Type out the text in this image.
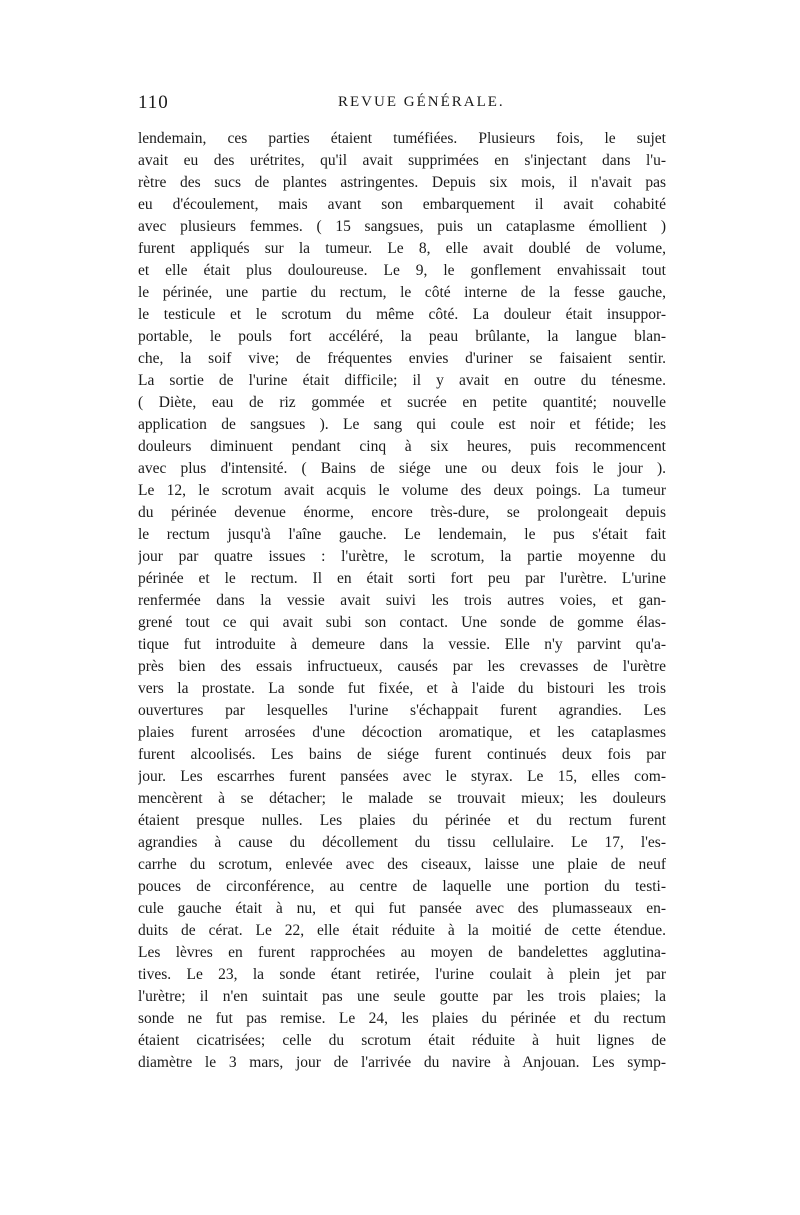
110	REVUE GÉNÉRALE.
lendemain, ces parties étaient tuméfiées. Plusieurs fois, le sujet
avait eu des urétrites, qu'il avait supprimées en s'injectant dans l'u-
rètre des sucs de plantes astringentes. Depuis six mois, il n'avait pas
eu d'écoulement, mais avant son embarquement il avait cohabité
avec plusieurs femmes. ( 15 sangsues, puis un cataplasme émollient )
furent appliqués sur la tumeur. Le 8, elle avait doublé de volume,
et elle était plus douloureuse. Le 9, le gonflement envahissait tout
le périnée, une partie du rectum, le côté interne de la fesse gauche,
le testicule et le scrotum du même côté. La douleur était insuppor-
portable, le pouls fort accéléré, la peau brûlante, la langue blan-
che, la soif vive; de fréquentes envies d'uriner se faisaient sentir.
La sortie de l'urine était difficile; il y avait en outre du ténesme.
( Diète, eau de riz gommée et sucrée en petite quantité; nouvelle
application de sangsues ). Le sang qui coule est noir et fétide; les
douleurs diminuent pendant cinq à six heures, puis recommencent
avec plus d'intensité. ( Bains de siége une ou deux fois le jour ).
Le 12, le scrotum avait acquis le volume des deux poings. La tumeur
du périnée devenue énorme, encore très-dure, se prolongeait depuis
le rectum jusqu'à l'aîne gauche. Le lendemain, le pus s'était fait
jour par quatre issues : l'urètre, le scrotum, la partie moyenne du
périnée et le rectum. Il en était sorti fort peu par l'urètre. L'urine
renfermée dans la vessie avait suivi les trois autres voies, et gan-
grené tout ce qui avait subi son contact. Une sonde de gomme élas-
tique fut introduite à demeure dans la vessie. Elle n'y parvint qu'a-
près bien des essais infructueux, causés par les crevasses de l'urètre
vers la prostate. La sonde fut fixée, et à l'aide du bistouri les trois
ouvertures par lesquelles l'urine s'échappait furent agrandies. Les
plaies furent arrosées d'une décoction aromatique, et les cataplasmes
furent alcoolisés. Les bains de siége furent continués deux fois par
jour. Les escarrhes furent pansées avec le styrax. Le 15, elles com-
mencèrent à se détacher; le malade se trouvait mieux; les douleurs
étaient presque nulles. Les plaies du périnée et du rectum furent
agrandies à cause du décollement du tissu cellulaire. Le 17, l'es-
carrhe du scrotum, enlevée avec des ciseaux, laisse une plaie de neuf
pouces de circonférence, au centre de laquelle une portion du testi-
cule gauche était à nu, et qui fut pansée avec des plumasseaux en-
duits de cérat. Le 22, elle était réduite à la moitié de cette étendue.
Les lèvres en furent rapprochées au moyen de bandelettes agglutina-
tives. Le 23, la sonde étant retirée, l'urine coulait à plein jet par
l'urètre; il n'en suintait pas une seule goutte par les trois plaies; la
sonde ne fut pas remise. Le 24, les plaies du périnée et du rectum
étaient cicatrisées; celle du scrotum était réduite à huit lignes de
diamètre le 3 mars, jour de l'arrivée du navire à Anjouan. Les symp-
